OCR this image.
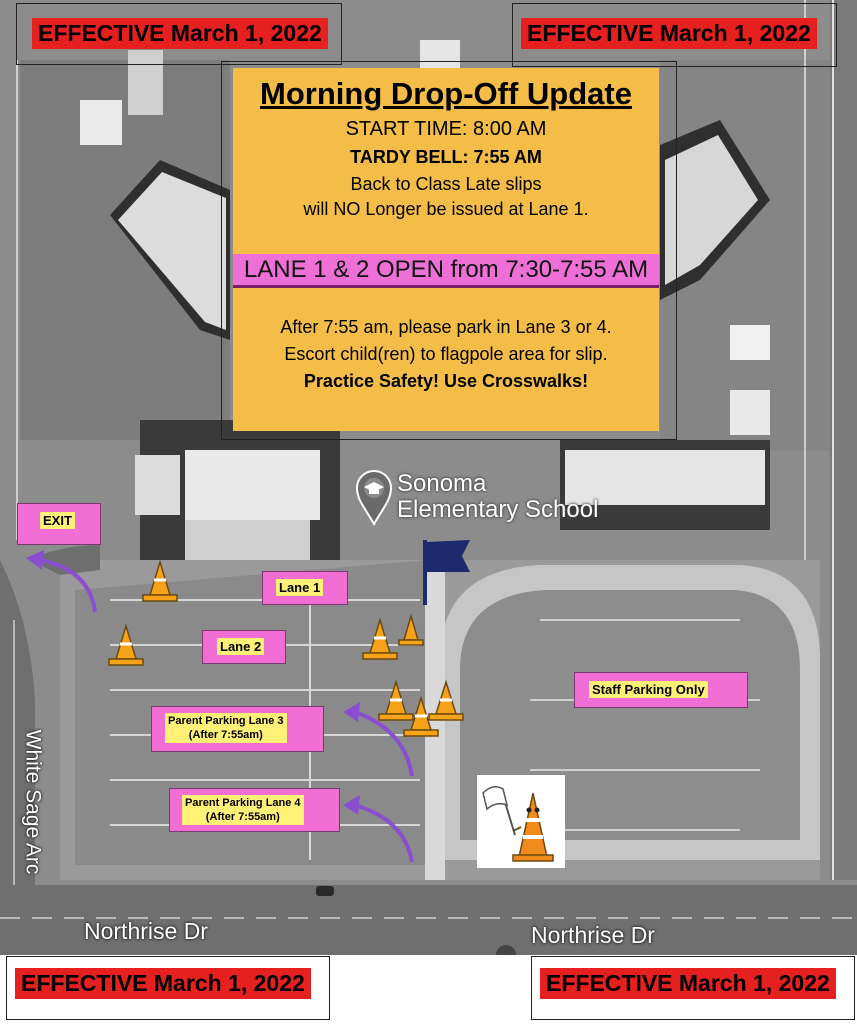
Sonoma
Elementary School
EXIT
Lane 1
Lane 2
Parent Parking Lane 3
(After 7:55am)
Parent Parking Lane 4
(After 7:55am)
Staff Parking Only
Northrise Dr	Northrise Dr
White Sage Arc
EFFECTIVE March 1, 2022	EFFECTIVE March 1, 2022
EFFECTIVE March 1, 2022	EFFECTIVE March 1, 2022
Morning Drop-Off Update
START TIME: 8:00 AM
TARDY BELL: 7:55 AM
Back to Class Late slips
will NO Longer be issued at Lane 1.
LANE 1 & 2 OPEN from 7:30-7:55 AM
After 7:55 am, please park in Lane 3 or 4.
Escort child(ren) to flagpole area for slip.
Practice Safety! Use Crosswalks!
